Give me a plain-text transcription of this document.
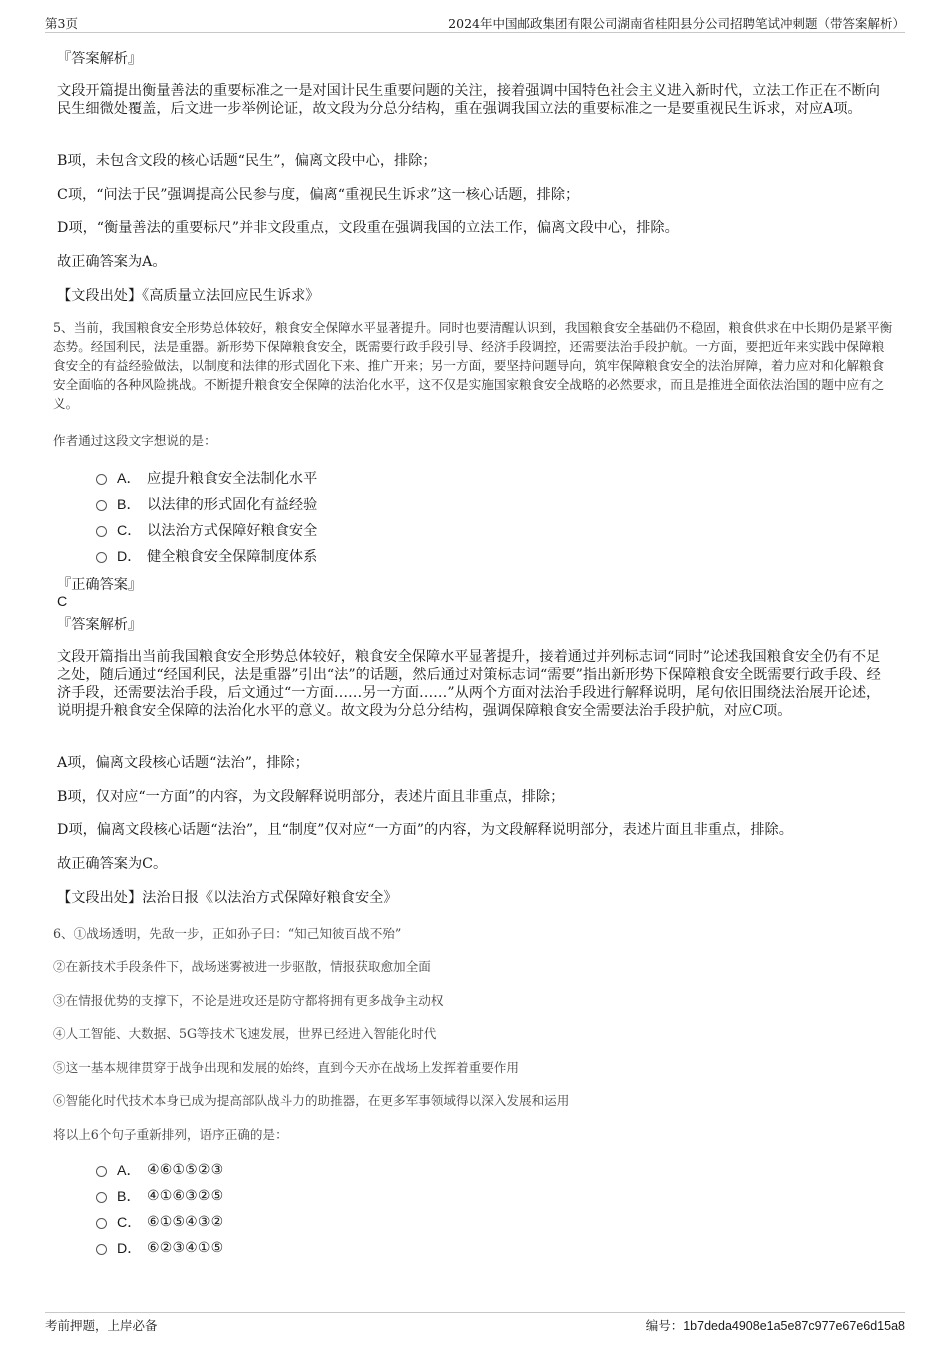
第3页	2024年中国邮政集团有限公司湖南省桂阳县分公司招聘笔试冲刺题（带答案解析）
『答案解析』
文段开篇提出衡量善法的重要标准之一是对国计民生重要问题的关注，接着强调中国特色社会主义进入新时代，立法工作正在不断向民生细微处覆盖，后文进一步举例论证，故文段为分总分结构，重在强调我国立法的重要标准之一是要重视民生诉求，对应A项。
B项，未包含文段的核心话题“民生”，偏离文段中心，排除；
C项，“问法于民”强调提高公民参与度，偏离“重视民生诉求”这一核心话题，排除；
D项，“衡量善法的重要标尺”并非文段重点，文段重在强调我国的立法工作，偏离文段中心，排除。
故正确答案为A。
【文段出处】《高质量立法回应民生诉求》
5、当前，我国粮食安全形势总体较好，粮食安全保障水平显著提升。同时也要清醒认识到，我国粮食安全基础仍不稳固，粮食供求在中长期仍是紧平衡态势。经国利民，法是重器。新形势下保障粮食安全，既需要行政手段引导、经济手段调控，还需要法治手段护航。一方面，要把近年来实践中保障粮食安全的有益经验做法，以制度和法律的形式固化下来、推广开来；另一方面，要坚持问题导向，筑牢保障粮食安全的法治屏障，着力应对和化解粮食安全面临的各种风险挑战。不断提升粮食安全保障的法治化水平，这不仅是实施国家粮食安全战略的必然要求，而且是推进全面依法治国的题中应有之义。
作者通过这段文字想说的是：
A． 应提升粮食安全法制化水平
B． 以法律的形式固化有益经验
C． 以法治方式保障好粮食安全
D． 健全粮食安全保障制度体系
『正确答案』
C
『答案解析』
文段开篇指出当前我国粮食安全形势总体较好，粮食安全保障水平显著提升，接着通过并列标志词“同时”论述我国粮食安全仍有不足之处，随后通过“经国利民，法是重器”引出“法”的话题，然后通过对策标志词“需要”指出新形势下保障粮食安全既需要行政手段、经济手段，还需要法治手段，后文通过“一方面……另一方面……”从两个方面对法治手段进行解释说明，尾句依旧围绕法治展开论述，说明提升粮食安全保障的法治化水平的意义。故文段为分总分结构，强调保障粮食安全需要法治手段护航，对应C项。
A项，偏离文段核心话题“法治”，排除；
B项，仅对应“一方面”的内容，为文段解释说明部分，表述片面且非重点，排除；
D项，偏离文段核心话题“法治”，且“制度”仅对应“一方面”的内容，为文段解释说明部分，表述片面且非重点，排除。
故正确答案为C。
【文段出处】法治日报《以法治方式保障好粮食安全》
6、①战场透明，先敌一步，正如孙子曰：“知己知彼百战不殆”
②在新技术手段条件下，战场迷雾被进一步驱散，情报获取愈加全面
③在情报优势的支撑下，不论是进攻还是防守都将拥有更多战争主动权
④人工智能、大数据、5G等技术飞速发展，世界已经进入智能化时代
⑤这一基本规律贯穿于战争出现和发展的始终，直到今天亦在战场上发挥着重要作用
⑥智能化时代技术本身已成为提高部队战斗力的助推器，在更多军事领域得以深入发展和运用
将以上6个句子重新排列，语序正确的是：
A． ④⑥①⑤②③
B． ④①⑥③②⑤
C． ⑥①⑤④③②
D． ⑥②③④①⑤
考前押题，上岸必备	编号：1b7deda4908e1a5e87c977e67e6d15a8
